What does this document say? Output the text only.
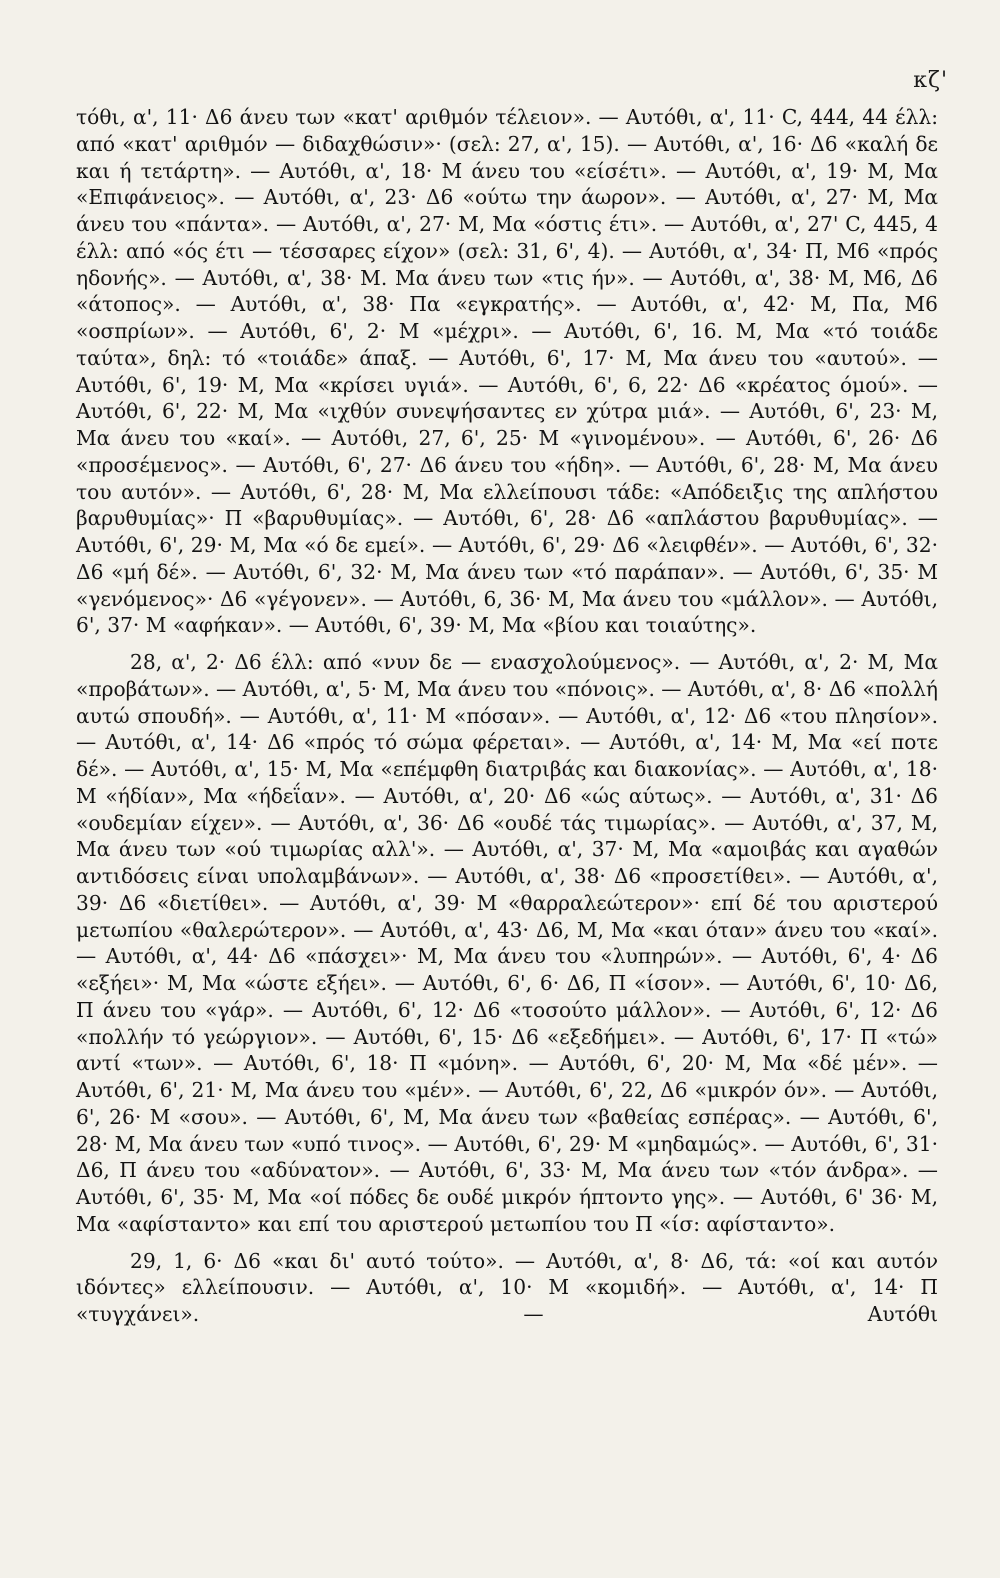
κζ'

τόθι, α', 11· Δ6 άνευ των «κατ' αριθμόν τέλειον». — Αυτόθι, α', 11· C, 444, 44 έλλ: από «κατ' αριθμόν — διδαχθώσιν»· (σελ: 27, α', 15). — Αυτόθι, α', 16· Δ6 «καλή δε και ή τετάρτη». — Αυτόθι, α', 18· Μ άνευ του «είσέτι». — Αυτόθι, α', 19· Μ, Μα «Επιφάνειος». — Αυτόθι, α', 23· Δ6 «ούτω την άωρον». — Αυτόθι, α', 27· Μ, Μα άνευ του «πάντα». — Αυτόθι, α', 27· Μ, Μα «όστις έτι». — Αυτόθι, α', 27' C, 445, 4 έλλ: από «ός έτι — τέσσαρες είχον» (σελ: 31, 6', 4). — Αυτόθι, α', 34· Π, Μ6 «πρός ηδονής». — Αυτόθι, α', 38· Μ. Μα άνευ των «τις ήν». — Αυτόθι, α', 38· Μ, Μ6, Δ6 «άτοπος». — Αυτόθι, α', 38· Πα «εγκρατής». — Αυτόθι, α', 42· Μ, Πα, Μ6 «οσπρίων». — Αυτόθι, 6', 2· Μ «μέχρι». — Αυτόθι, 6', 16. Μ, Μα «τό τοιάδε ταύτα», δηλ: τό «τοιάδε» άπαξ. — Αυτόθι, 6', 17· Μ, Μα άνευ του «αυτού». — Αυτόθι, 6', 19· Μ, Μα «κρίσει υγιά». — Αυτόθι, 6', 6, 22· Δ6 «κρέατος όμού». — Αυτόθι, 6', 22· Μ, Μα «ιχθύν συνεψήσαντες εν χύτρα μιά». — Αυτόθι, 6', 23· Μ, Μα άνευ του «καί». — Αυτόθι, 27, 6', 25· Μ «γινομένου». — Αυτόθι, 6', 26· Δ6 «προσέμενος». — Αυτόθι, 6', 27· Δ6 άνευ του «ήδη». — Αυτόθι, 6', 28· Μ, Μα άνευ του αυτόν». — Αυτόθι, 6', 28· Μ, Μα ελλείπουσι τάδε: «Απόδειξις της απλήστου βαρυθυμίας»· Π «βαρυθυμίας». — Αυτόθι, 6', 28· Δ6 «απλάστου βαρυθυμίας». — Αυτόθι, 6', 29· Μ, Μα «ό δε εμεί». — Αυτόθι, 6', 29· Δ6 «λειφθέν». — Αυτόθι, 6', 32· Δ6 «μή δέ». — Αυτόθι, 6', 32· Μ, Μα άνευ των «τό παράπαν». — Αυτόθι, 6', 35· Μ «γενόμενος»· Δ6 «γέγονεν». — Αυτόθι, 6, 36· Μ, Μα άνευ του «μάλλον». — Αυτόθι, 6', 37· Μ «αφήκαν». — Αυτόθι, 6', 39· Μ, Μα «βίου και τοιαύτης».

28, α', 2· Δ6 έλλ: από «νυν δε — ενασχολούμενος». — Αυτόθι, α', 2· Μ, Μα «προβάτων». — Αυτόθι, α', 5· Μ, Μα άνευ του «πόνοις». — Αυτόθι, α', 8· Δ6 «πολλή αυτώ σπουδή». — Αυτόθι, α', 11· Μ «πόσαν». — Αυτόθι, α', 12· Δ6 «του πλησίον». — Αυτόθι, α', 14· Δ6 «πρός τό σώμα φέρεται». — Αυτόθι, α', 14· Μ, Μα «εί ποτε δέ». — Αυτόθι, α', 15· Μ, Μα «επέμφθη διατριβάς και διακονίας». — Αυτόθι, α', 18· Μ «ήδίαν», Μα «ήδεΐαν». — Αυτόθι, α', 20· Δ6 «ώς αύτως». — Αυτόθι, α', 31· Δ6 «ουδεμίαν είχεν». — Αυτόθι, α', 36· Δ6 «ουδέ τάς τιμωρίας». — Αυτόθι, α', 37, Μ, Μα άνευ των «ού τιμωρίας αλλ'». — Αυτόθι, α', 37· Μ, Μα «αμοιβάς και αγαθών αντιδόσεις είναι υπολαμβάνων». — Αυτόθι, α', 38· Δ6 «προσετίθει». — Αυτόθι, α', 39· Δ6 «διετίθει». — Αυτόθι, α', 39· Μ «θαρραλεώτερον»· επί δέ του αριστερού μετωπίου «θαλερώτερον». — Αυτόθι, α', 43· Δ6, Μ, Μα «και όταν» άνευ του «καί». — Αυτόθι, α', 44· Δ6 «πάσχει»· Μ, Μα άνευ του «λυπηρών». — Αυτόθι, 6', 4· Δ6 «εξήει»· Μ, Μα «ώστε εξήει». — Αυτόθι, 6', 6· Δ6, Π «ίσον». — Αυτόθι, 6', 10· Δ6, Π άνευ του «γάρ». — Αυτόθι, 6', 12· Δ6 «τοσούτο μάλλον». — Αυτόθι, 6', 12· Δ6 «πολλήν τό γεώργιον». — Αυτόθι, 6', 15· Δ6 «εξεδήμει». — Αυτόθι, 6', 17· Π «τώ» αντί «των». — Αυτόθι, 6', 18· Π «μόνη». — Αυτόθι, 6', 20· Μ, Μα «δέ μέν». — Αυτόθι, 6', 21· Μ, Μα άνευ του «μέν». — Αυτόθι, 6', 22, Δ6 «μικρόν όν». — Αυτόθι, 6', 26· Μ «σου». — Αυτόθι, 6', Μ, Μα άνευ των «βαθείας εσπέρας». — Αυτόθι, 6', 28· Μ, Μα άνευ των «υπό τινος». — Αυτόθι, 6', 29· Μ «μηδαμώς». — Αυτόθι, 6', 31· Δ6, Π άνευ του «αδύνατον». — Αυτόθι, 6', 33· Μ, Μα άνευ των «τόν άνδρα». — Αυτόθι, 6', 35· Μ, Μα «οί πόδες δε ουδέ μικρόν ήπτοντο γης». — Αυτόθι, 6' 36· Μ, Μα «αφίσταντο» και επί του αριστερού μετωπίου του Π «ίσ: αφίσταντο».

29, 1, 6· Δ6 «και δι' αυτό τούτο». — Αυτόθι, α', 8· Δ6, τά: «οί και αυτόν ιδόντες» ελλείπουσιν. — Αυτόθι, α', 10· Μ «κομιδή». — Αυτόθι, α', 14· Π «τυγχάνει». — Αυτόθι
